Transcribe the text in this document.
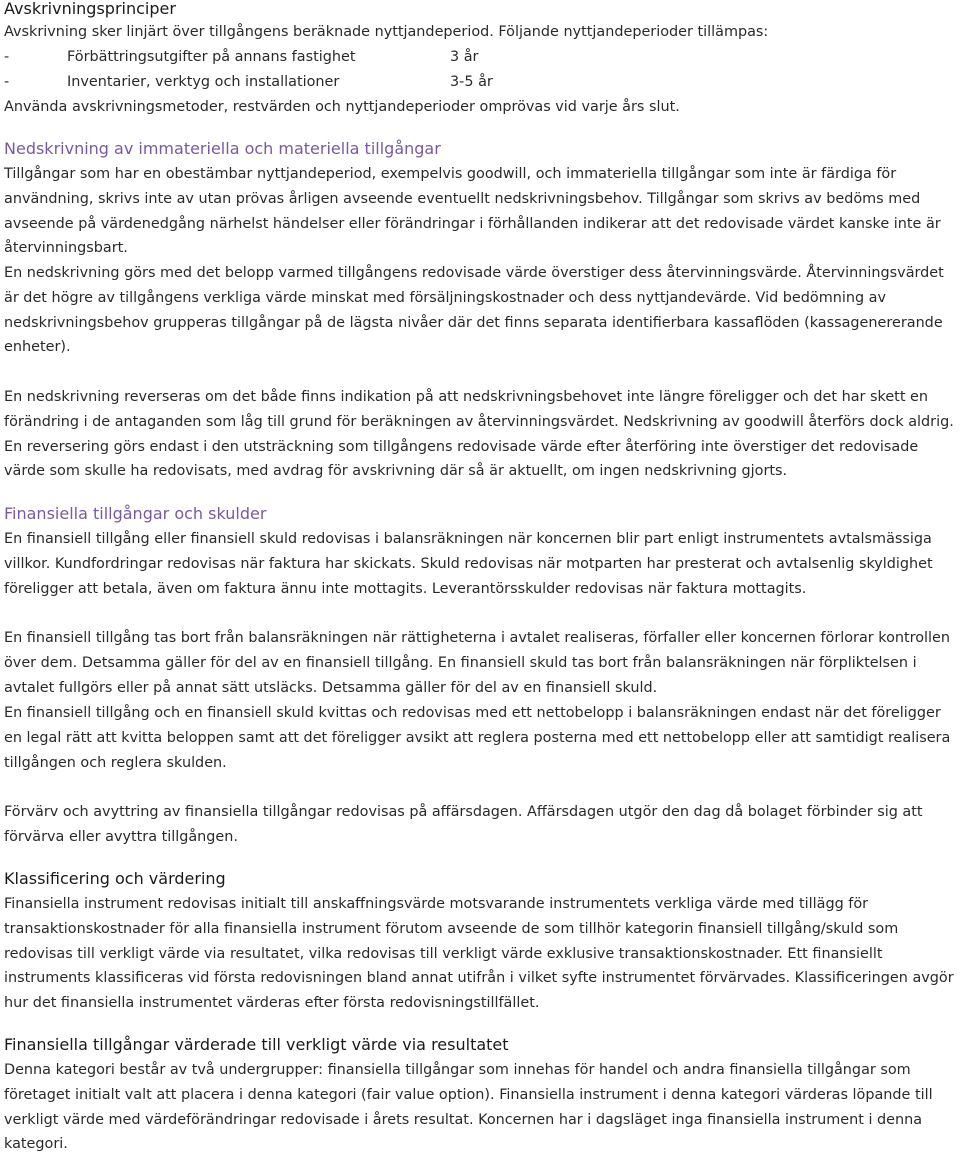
Avskrivningsprinciper

Avskrivning sker linjärt över tillgångens beräknade nyttjandeperiod. Följande nyttjandeperioder tillämpas:

-	Förbättringsutgifter på annans fastighet	3 år
-	Inventarier, verktyg och installationer	3-5 år

Använda avskrivningsmetoder, restvärden och nyttjandeperioder omprövas vid varje års slut.

Nedskrivning av immateriella och materiella tillgångar

Tillgångar som har en obestämbar nyttjandeperiod, exempelvis goodwill, och immateriella tillgångar som inte är färdiga för användning, skrivs inte av utan prövas årligen avseende eventuellt nedskrivningsbehov. Tillgångar som skrivs av bedöms med avseende på värdenedgång närhelst händelser eller förändringar i förhållanden indikerar att det redovisade värdet kanske inte är återvinningsbart.

En nedskrivning görs med det belopp varmed tillgångens redovisade värde överstiger dess återvinningsvärde. Återvinningsvärdet är det högre av tillgångens verkliga värde minskat med försäljningskostnader och dess nyttjandevärde. Vid bedömning av nedskrivningsbehov grupperas tillgångar på de lägsta nivåer där det finns separata identifierbara kassaflöden (kassagenererande enheter).

En nedskrivning reverseras om det både finns indikation på att nedskrivningsbehovet inte längre föreligger och det har skett en förändring i de antaganden som låg till grund för beräkningen av återvinningsvärdet. Nedskrivning av goodwill återförs dock aldrig. En reversering görs endast i den utsträckning som tillgångens redovisade värde efter återföring inte överstiger det redovisade värde som skulle ha redovisats, med avdrag för avskrivning där så är aktuellt, om ingen nedskrivning gjorts.

Finansiella tillgångar och skulder

En finansiell tillgång eller finansiell skuld redovisas i balansräkningen när koncernen blir part enligt instrumentets avtalsmässiga villkor. Kundfordringar redovisas när faktura har skickats. Skuld redovisas när motparten har presterat och avtalsenlig skyldighet föreligger att betala, även om faktura ännu inte mottagits. Leverantörsskulder redovisas när faktura mottagits.

En finansiell tillgång tas bort från balansräkningen när rättigheterna i avtalet realiseras, förfaller eller koncernen förlorar kontrollen över dem. Detsamma gäller för del av en finansiell tillgång. En finansiell skuld tas bort från balansräkningen när förpliktelsen i avtalet fullgörs eller på annat sätt utsläcks. Detsamma gäller för del av en finansiell skuld.

En finansiell tillgång och en finansiell skuld kvittas och redovisas med ett nettobelopp i balansräkningen endast när det föreligger en legal rätt att kvitta beloppen samt att det föreligger avsikt att reglera posterna med ett nettobelopp eller att samtidigt realisera tillgången och reglera skulden.

Förvärv och avyttring av finansiella tillgångar redovisas på affärsdagen. Affärsdagen utgör den dag då bolaget förbinder sig att förvärva eller avyttra tillgången.

Klassificering och värdering

Finansiella instrument redovisas initialt till anskaffningsvärde motsvarande instrumentets verkliga värde med tillägg för transaktionskostnader för alla finansiella instrument förutom avseende de som tillhör kategorin finansiell tillgång/skuld som redovisas till verkligt värde via resultatet, vilka redovisas till verkligt värde exklusive transaktionskostnader. Ett finansiellt instruments klassificeras vid första redovisningen bland annat utifrån i vilket syfte instrumentet förvärvades. Klassificeringen avgör hur det finansiella instrumentet värderas efter första redovisningstillfället.

Finansiella tillgångar värderade till verkligt värde via resultatet

Denna kategori består av två undergrupper: finansiella tillgångar som innehas för handel och andra finansiella tillgångar som företaget initialt valt att placera i denna kategori (fair value option). Finansiella instrument i denna kategori värderas löpande till verkligt värde med värdeförändringar redovisade i årets resultat. Koncernen har i dagsläget inga finansiella instrument i denna kategori.
